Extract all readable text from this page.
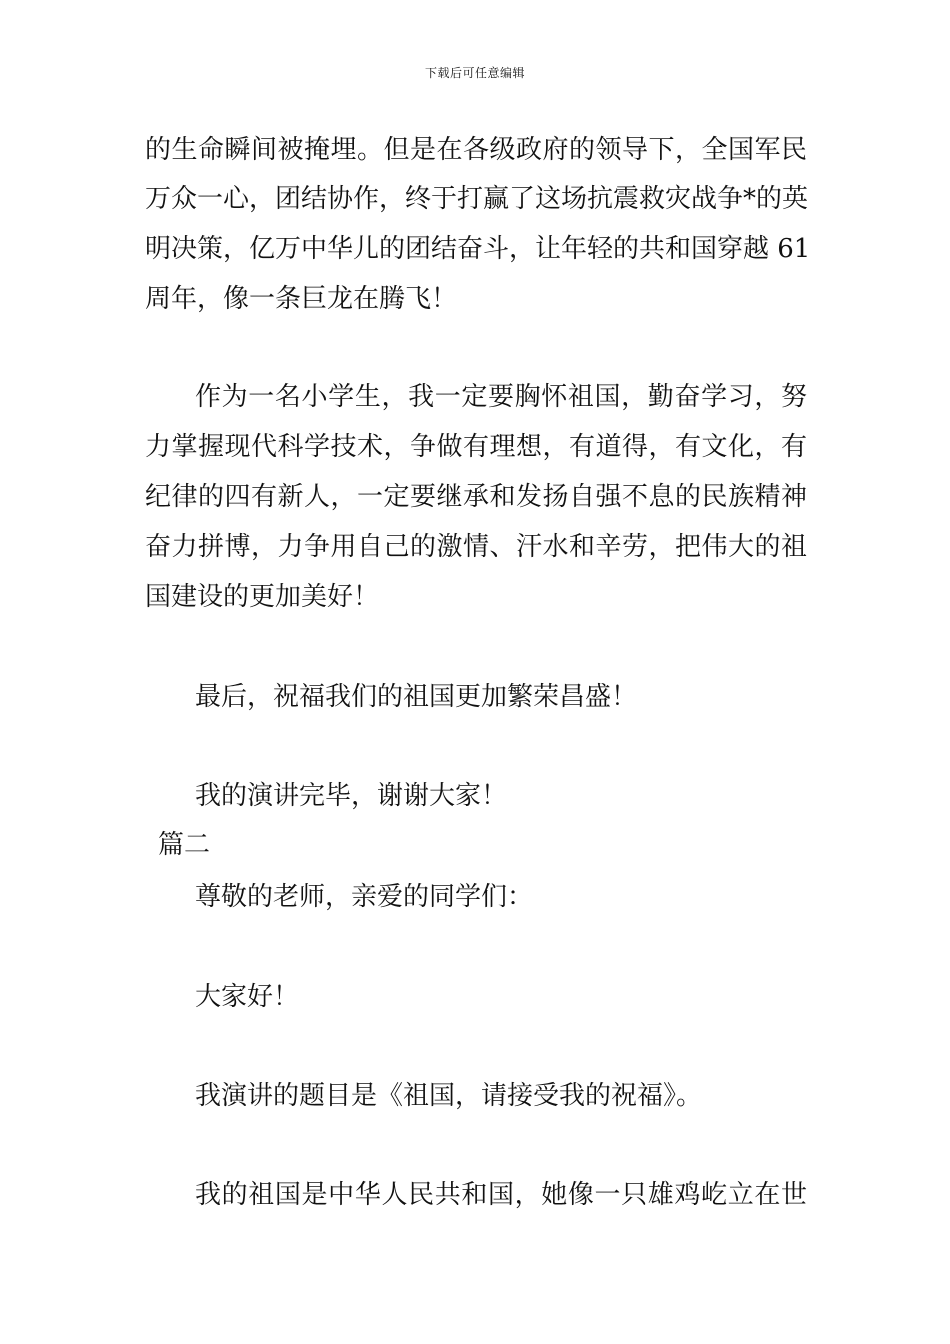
下载后可任意编辑
的生命瞬间被掩埋。但是在各级政府的领导下，全国军民
万众一心，团结协作，终于打赢了这场抗震救灾战争*的英
明决策，亿万中华儿的团结奋斗，让年轻的共和国穿越 61
周年，像一条巨龙在腾飞！
作为一名小学生，我一定要胸怀祖国，勤奋学习，努
力掌握现代科学技术，争做有理想，有道得，有文化，有
纪律的四有新人，一定要继承和发扬自强不息的民族精神
奋力拼博，力争用自己的激情、汗水和辛劳，把伟大的祖
国建设的更加美好！
最后，祝福我们的祖国更加繁荣昌盛！
我的演讲完毕，谢谢大家！
篇二
尊敬的老师，亲爱的同学们：
大家好！
我演讲的题目是《祖国，请接受我的祝福》。
我的祖国是中华人民共和国，她像一只雄鸡屹立在世
